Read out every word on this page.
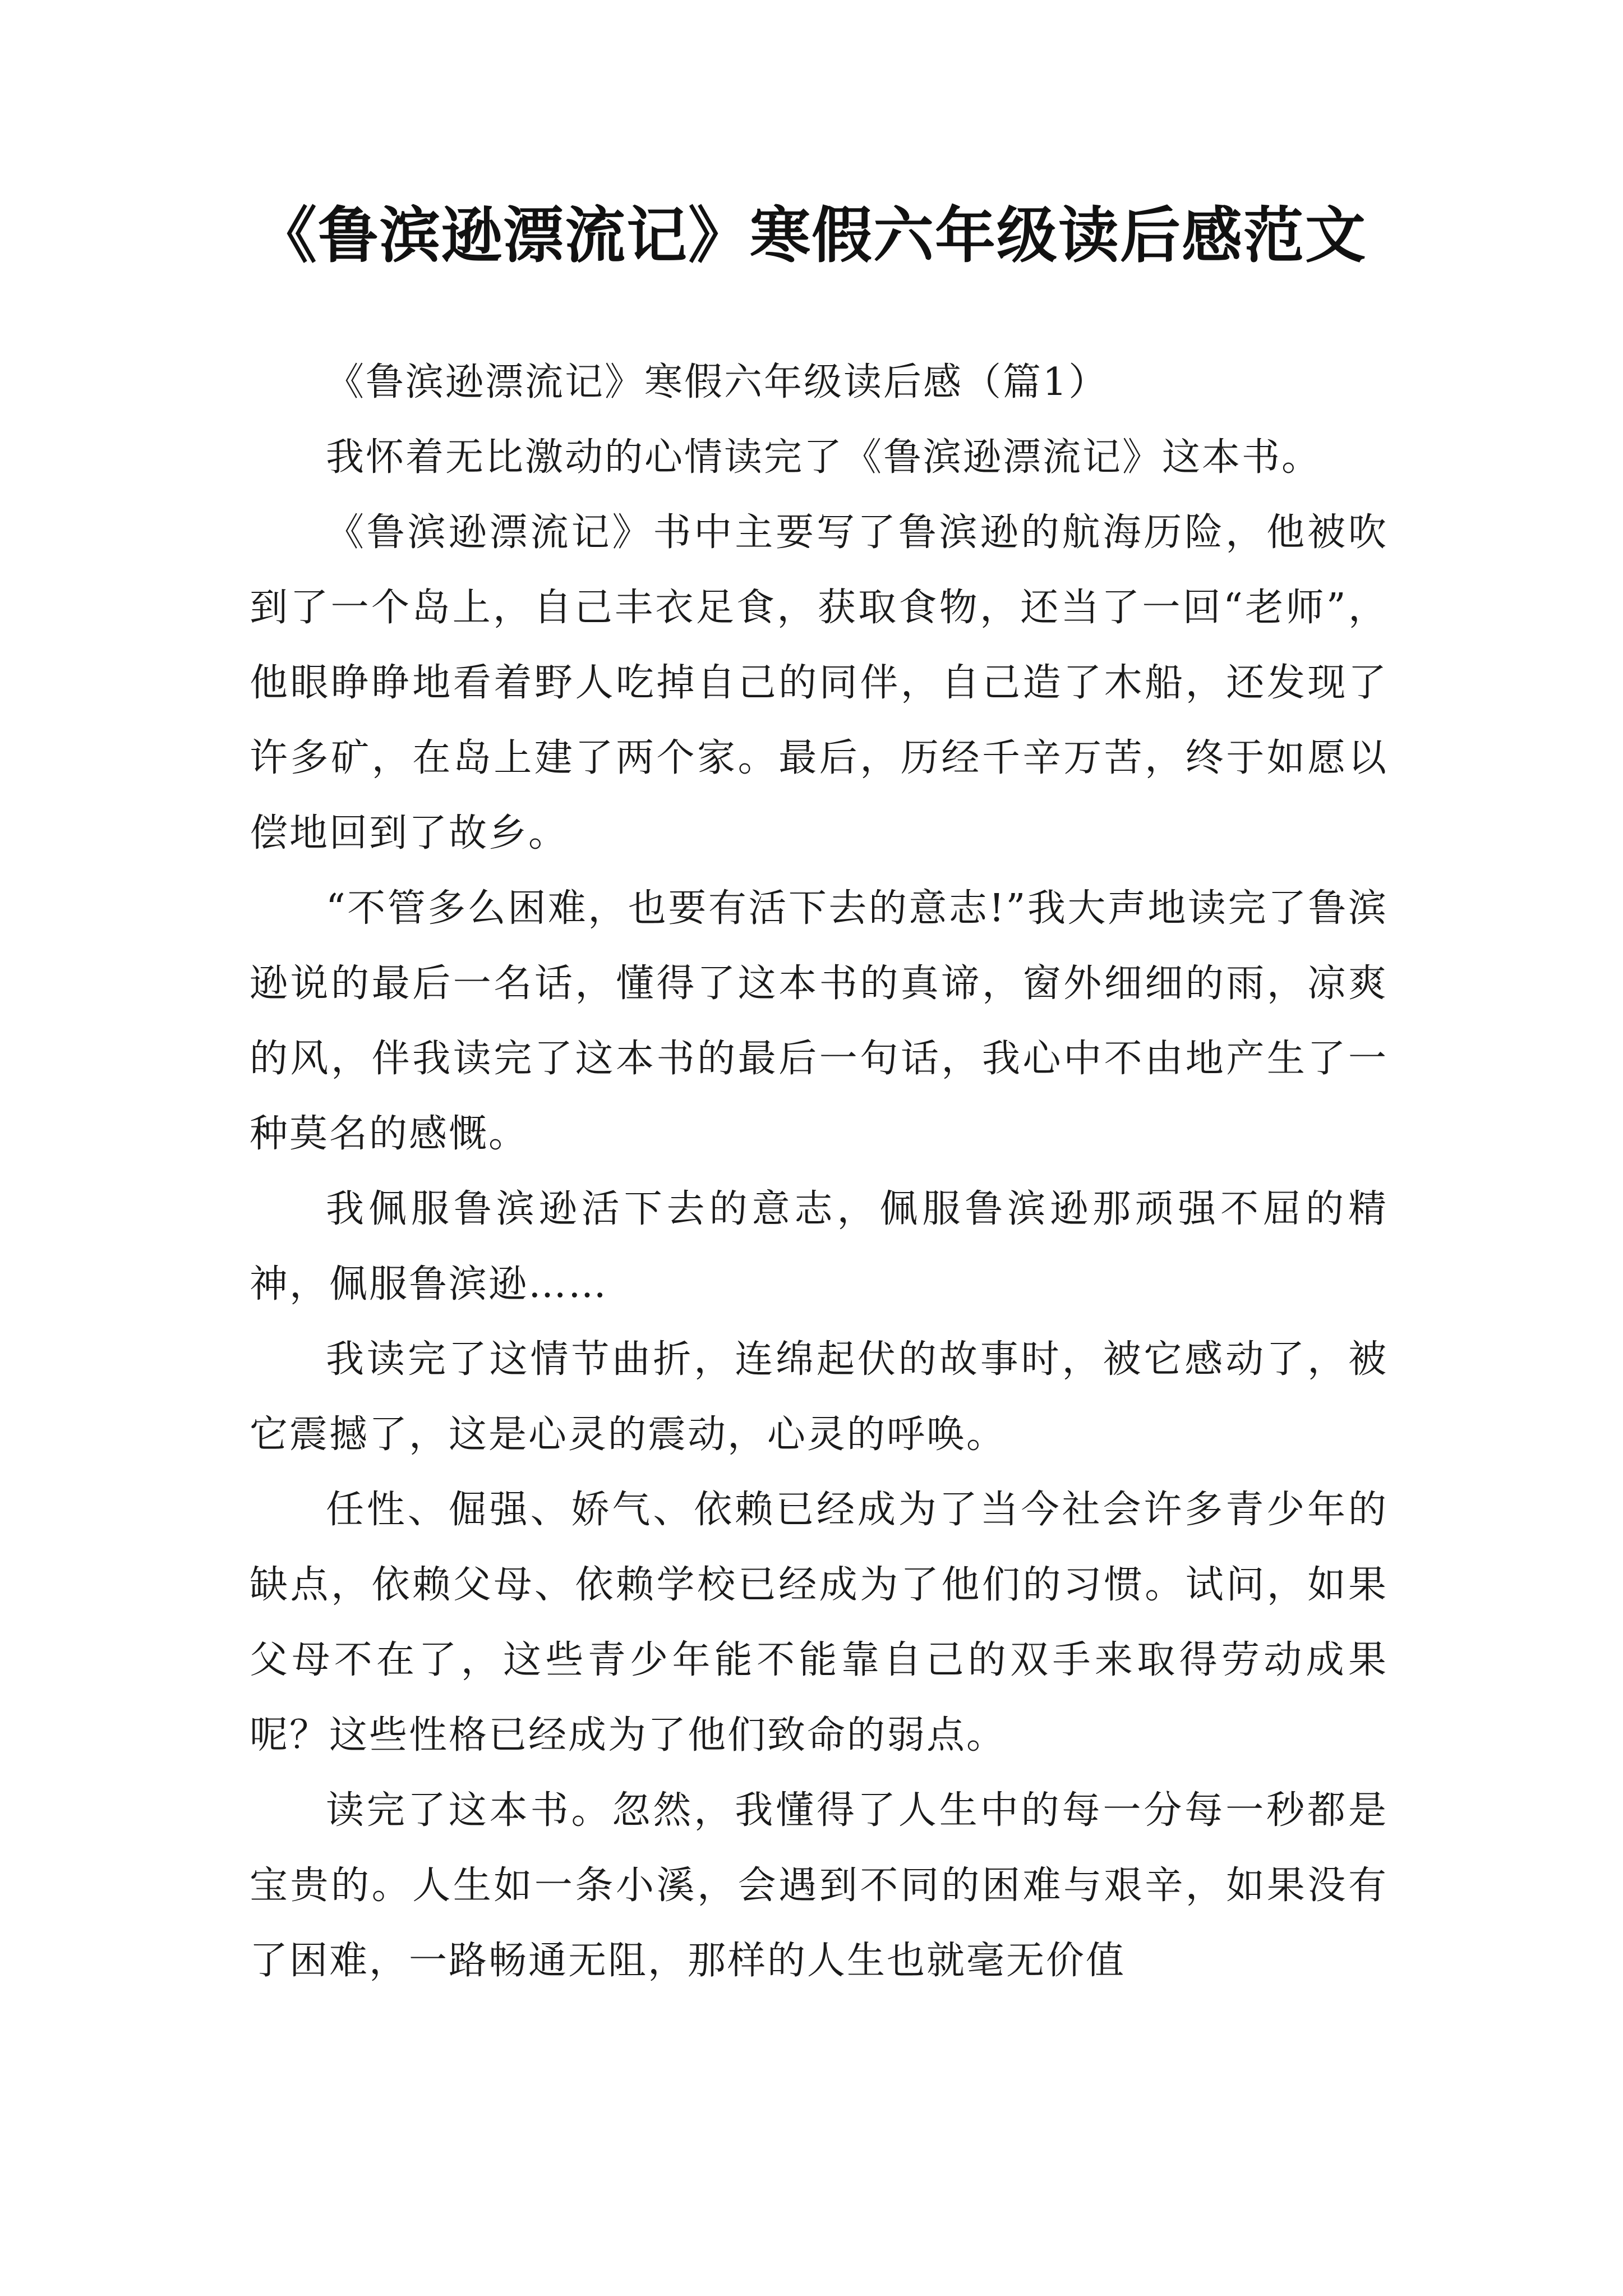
《鲁滨逊漂流记》寒假六年级读后感范文

《鲁滨逊漂流记》寒假六年级读后感（篇1）

我怀着无比激动的心情读完了《鲁滨逊漂流记》这本书。

《鲁滨逊漂流记》书中主要写了鲁滨逊的航海历险，他被吹到了一个岛上，自己丰衣足食，获取食物，还当了一回“老师”，他眼睁睁地看着野人吃掉自己的同伴，自己造了木船，还发现了许多矿，在岛上建了两个家。最后，历经千辛万苦，终于如愿以偿地回到了故乡。

“不管多么困难，也要有活下去的意志!”我大声地读完了鲁滨逊说的最后一名话，懂得了这本书的真谛，窗外细细的雨，凉爽的风，伴我读完了这本书的最后一句话，我心中不由地产生了一种莫名的感慨。

我佩服鲁滨逊活下去的意志，佩服鲁滨逊那顽强不屈的精神，佩服鲁滨逊……

我读完了这情节曲折，连绵起伏的故事时，被它感动了，被它震撼了，这是心灵的震动，心灵的呼唤。

任性、倔强、娇气、依赖已经成为了当今社会许多青少年的缺点，依赖父母、依赖学校已经成为了他们的习惯。试问，如果父母不在了，这些青少年能不能靠自己的双手来取得劳动成果呢？这些性格已经成为了他们致命的弱点。

读完了这本书。忽然，我懂得了人生中的每一分每一秒都是宝贵的。人生如一条小溪，会遇到不同的困难与艰辛，如果没有了困难，一路畅通无阻，那样的人生也就毫无价值
